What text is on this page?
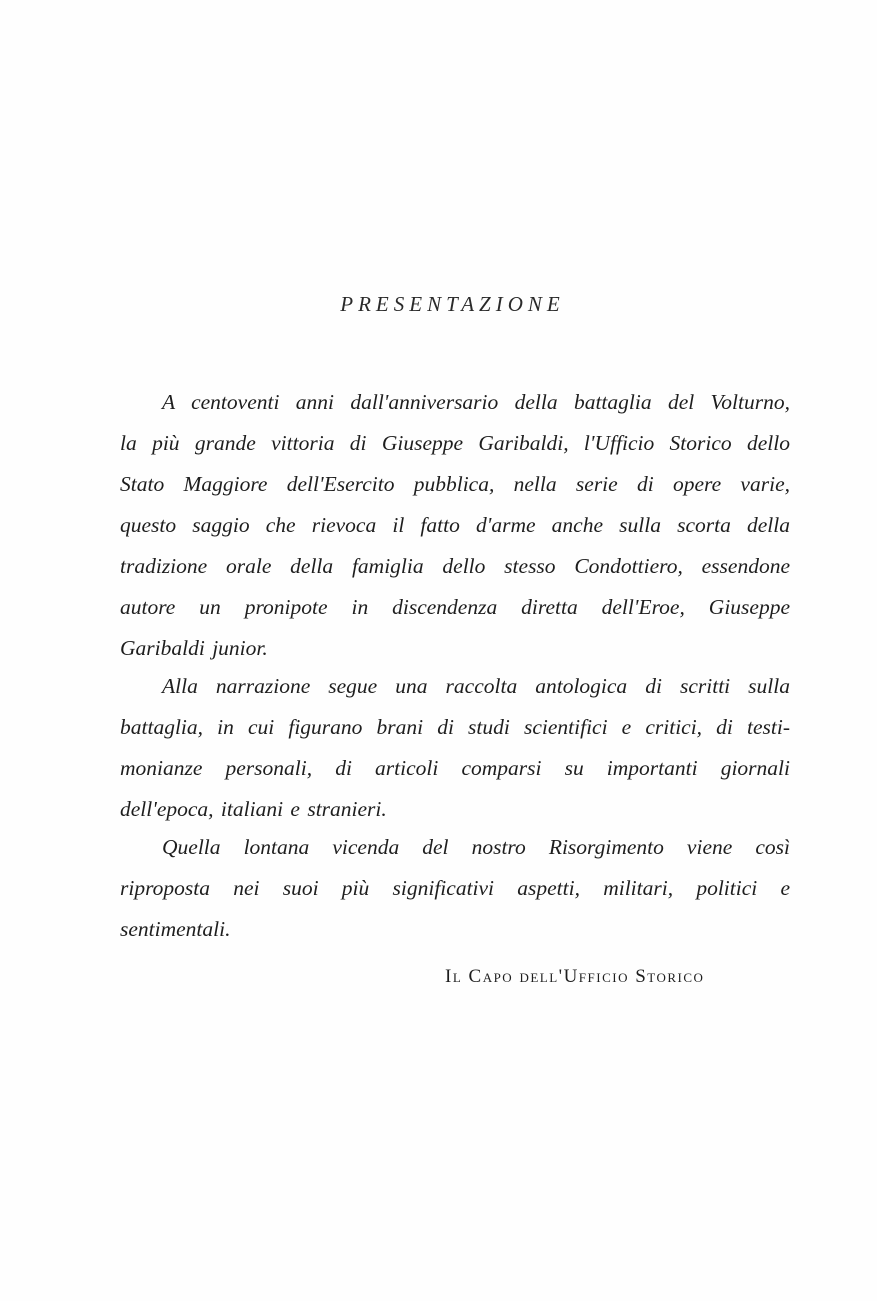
PRESENTAZIONE
A centoventi anni dall'anniversario della battaglia del Volturno,
la più grande vittoria di Giuseppe Garibaldi, l'Ufficio Storico dello
Stato Maggiore dell'Esercito pubblica, nella serie di opere varie,
questo saggio che rievoca il fatto d'arme anche sulla scorta della
tradizione orale della famiglia dello stesso Condottiero, essendone
autore un pronipote in discendenza diretta dell'Eroe, Giuseppe
Garibaldi junior.
Alla narrazione segue una raccolta antologica di scritti sulla
battaglia, in cui figurano brani di studi scientifici e critici, di testi-
monianze personali, di articoli comparsi su importanti giornali
dell'epoca, italiani e stranieri.
Quella lontana vicenda del nostro Risorgimento viene così
riproposta nei suoi più significativi aspetti, militari, politici e
sentimentali.
Il Capo dell'Ufficio Storico
